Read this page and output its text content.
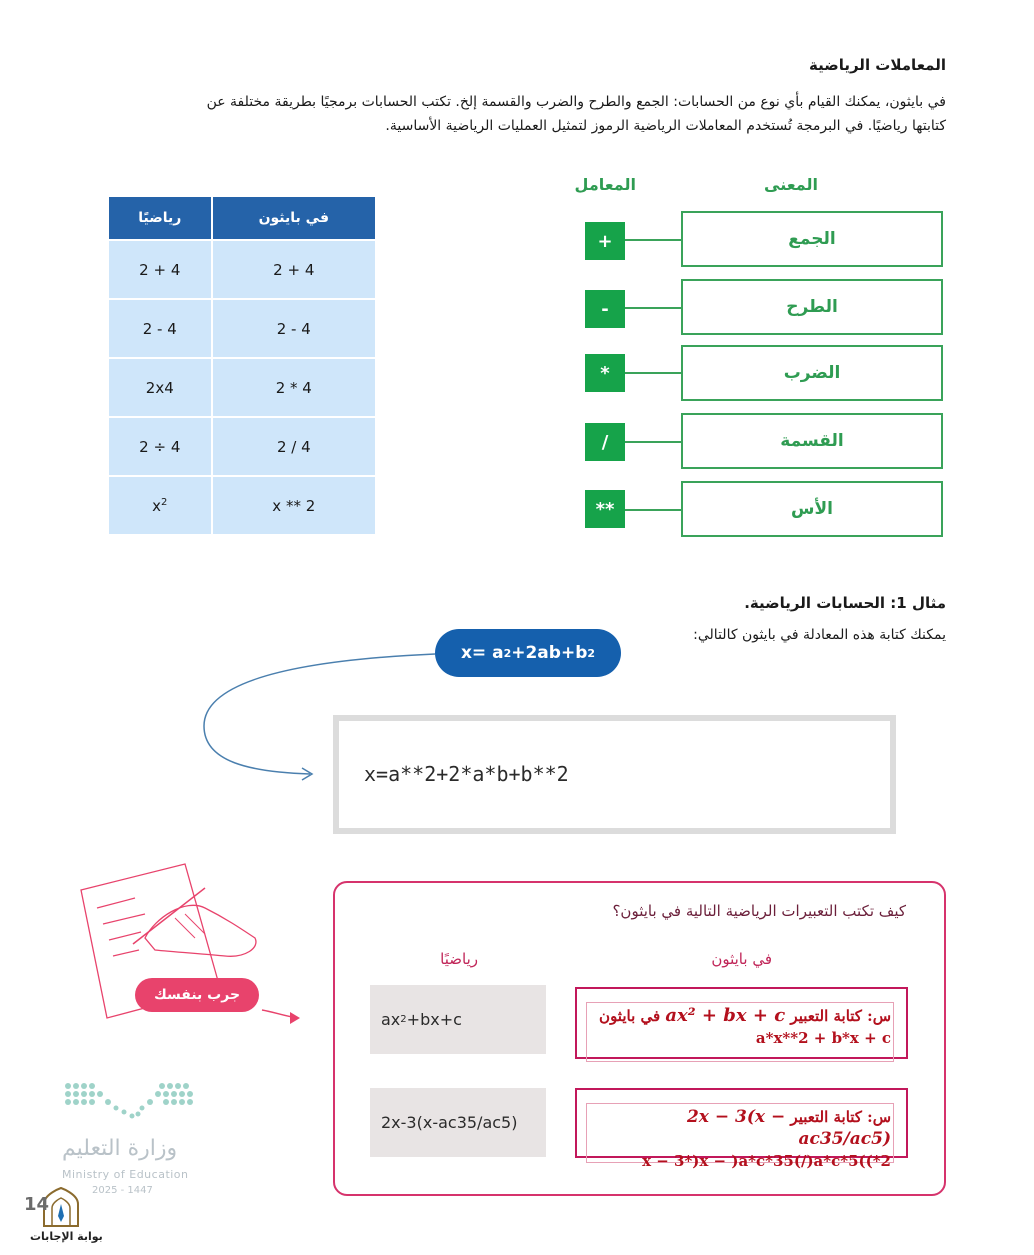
المعاملات الرياضية
في بايثون، يمكنك القيام بأي نوع من الحسابات: الجمع والطرح والضرب والقسمة إلخ. تكتب الحسابات برمجيًا بطريقة مختلفة عن
كتابتها رياضيًا. في البرمجة تُستخدم المعاملات الرياضية الرموز لتمثيل العمليات الرياضية الأساسية.
المعنى
المعامل
+	الجمع
-	الطرح
*	الضرب
/	القسمة
**	الأس
رياضيًا	في بايثون
2 + 4	2 + 4
2 - 4	2 - 4
2x4	2 * 4
2 ÷ 4	2 / 4
$x^2$	x ** 2
مثال 1: الحسابات الرياضية.
يمكنك كتابة هذه المعادلة في بايثون كالتالي:
x= a 2 +2ab+b 2
x=a**2+2*a*b+b**2
جرب بنفسك
كيف تكتب التعبيرات الرياضية التالية في بايثون؟
في بايثون
رياضيًا
ax 2 +bx+c	س: كتابة التعبير ax² + bx + c في بايثون
a*x**2 + b*x + c
2x-3(x-ac35/ac5)	س: كتابة التعبير 2x − 3(x − ac35/ac5)
x − 3*)x − )a*c*35(/)a*c*5((*2
وزارة التعليم
Ministry of Education
2025 - 1447
14
بوابة الإجابات
